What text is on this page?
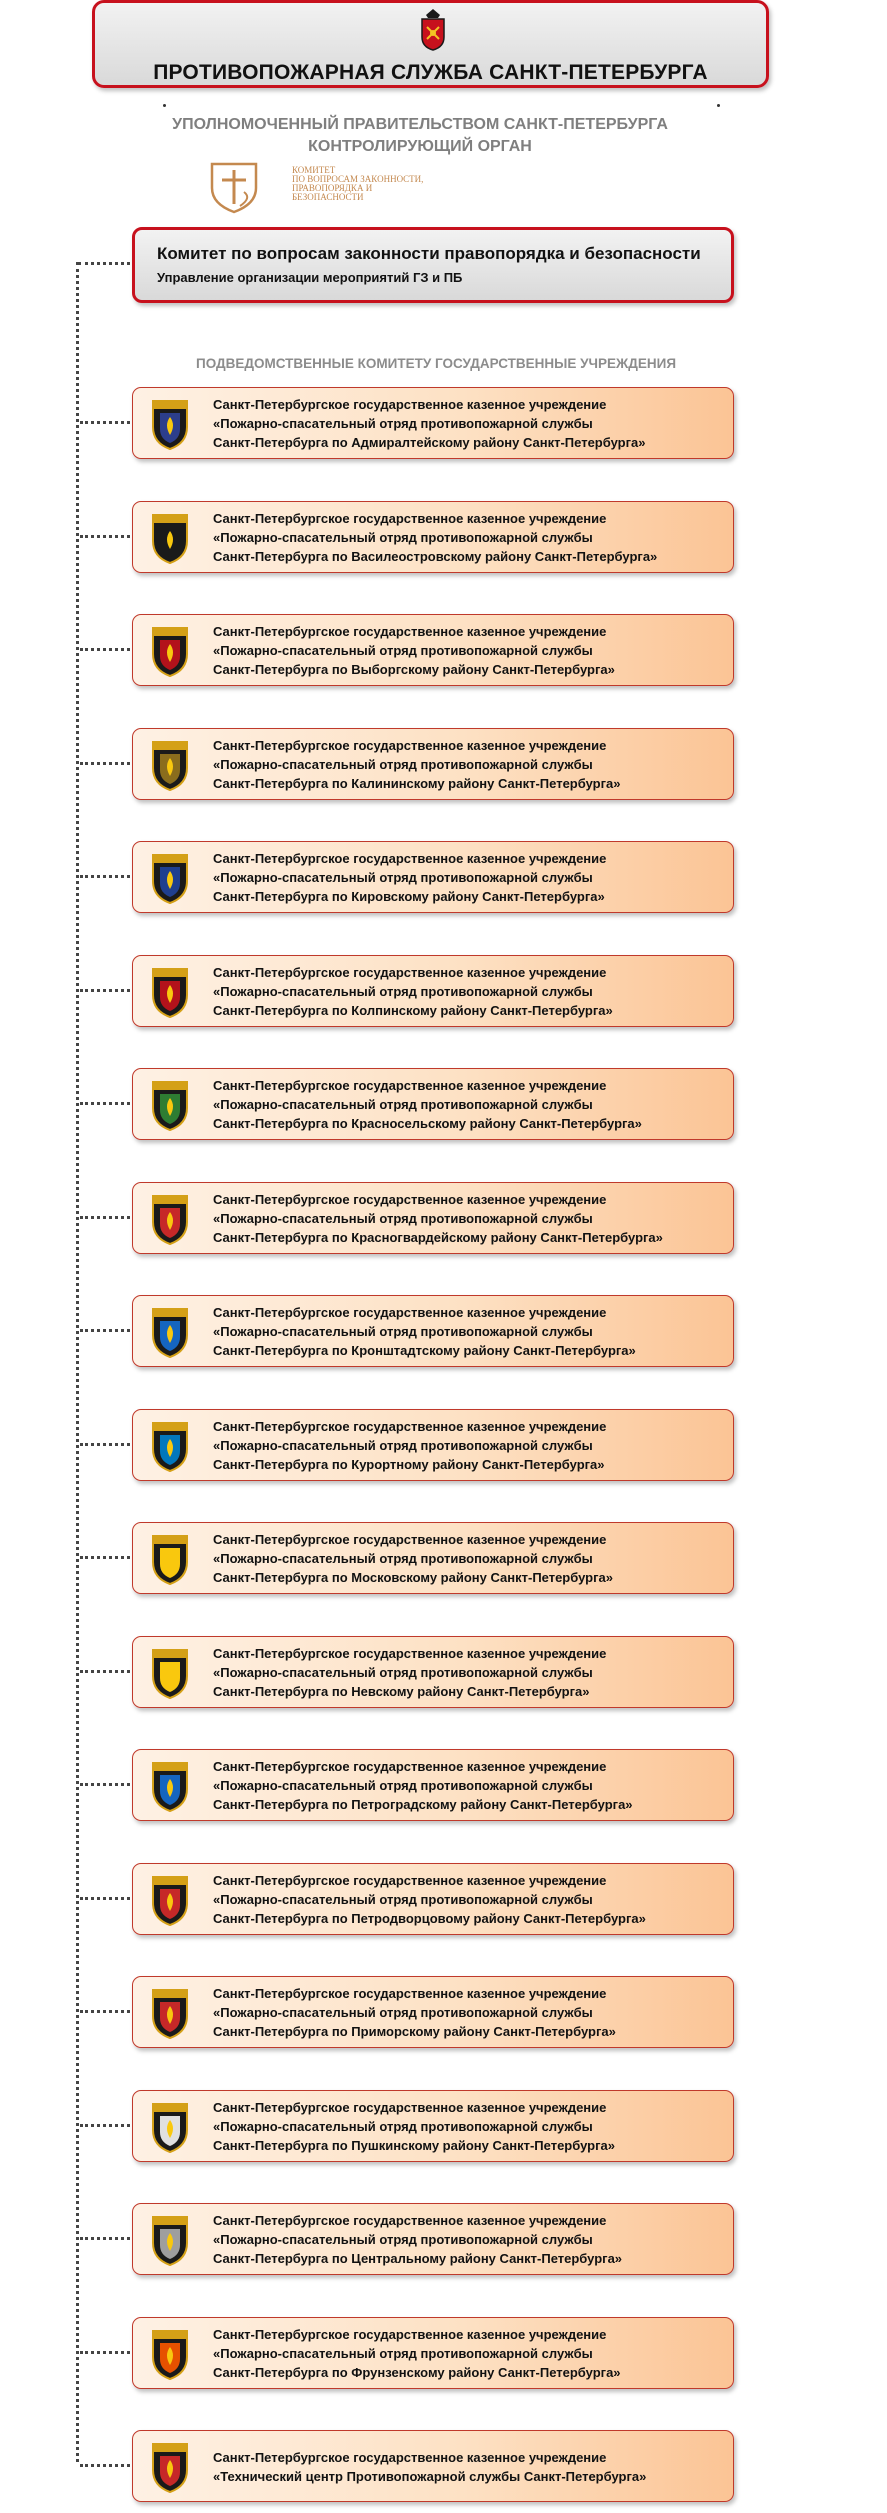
ПРОТИВОПОЖАРНАЯ СЛУЖБА САНКТ-ПЕТЕРБУРГА
УПОЛНОМОЧЕННЫЙ ПРАВИТЕЛЬСТВОМ САНКТ-ПЕТЕРБУРГА
КОНТРОЛИРУЮЩИЙ ОРГАН
КОМИТЕТ
ПО ВОПРОСАМ ЗАКОННОСТИ,
ПРАВОПОРЯДКА И БЕЗОПАСНОСТИ
Комитет по вопросам законности правопорядка и безопасности
Управление организации мероприятий ГЗ и ПБ
ПОДВЕДОМСТВЕННЫЕ КОМИТЕТУ ГОСУДАРСТВЕННЫЕ УЧРЕЖДЕНИЯ
Санкт-Петербургское государственное казенное учреждение
«Пожарно-спасательный отряд противопожарной службы
Санкт-Петербурга по Адмиралтейскому району Санкт-Петербурга»
Санкт-Петербургское государственное казенное учреждение
«Пожарно-спасательный отряд противопожарной службы
Санкт-Петербурга по Василеостровскому району Санкт-Петербурга»
Санкт-Петербургское государственное казенное учреждение
«Пожарно-спасательный отряд противопожарной службы
Санкт-Петербурга по Выборгскому району Санкт-Петербурга»
Санкт-Петербургское государственное казенное учреждение
«Пожарно-спасательный отряд противопожарной службы
Санкт-Петербурга по Калининскому району Санкт-Петербурга»
Санкт-Петербургское государственное казенное учреждение
«Пожарно-спасательный отряд противопожарной службы
Санкт-Петербурга по Кировскому району Санкт-Петербурга»
Санкт-Петербургское государственное казенное учреждение
«Пожарно-спасательный отряд противопожарной службы
Санкт-Петербурга по Колпинскому району Санкт-Петербурга»
Санкт-Петербургское государственное казенное учреждение
«Пожарно-спасательный отряд противопожарной службы
Санкт-Петербурга по Красносельскому району Санкт-Петербурга»
Санкт-Петербургское государственное казенное учреждение
«Пожарно-спасательный отряд противопожарной службы
Санкт-Петербурга по Красногвардейскому району Санкт-Петербурга»
Санкт-Петербургское государственное казенное учреждение
«Пожарно-спасательный отряд противопожарной службы
Санкт-Петербурга по Кронштадтскому району Санкт-Петербурга»
Санкт-Петербургское государственное казенное учреждение
«Пожарно-спасательный отряд противопожарной службы
Санкт-Петербурга по Курортному району Санкт-Петербурга»
Санкт-Петербургское государственное казенное учреждение
«Пожарно-спасательный отряд противопожарной службы
Санкт-Петербурга по Московскому району Санкт-Петербурга»
Санкт-Петербургское государственное казенное учреждение
«Пожарно-спасательный отряд противопожарной службы
Санкт-Петербурга по Невскому району Санкт-Петербурга»
Санкт-Петербургское государственное казенное учреждение
«Пожарно-спасательный отряд противопожарной службы
Санкт-Петербурга по Петроградскому району Санкт-Петербурга»
Санкт-Петербургское государственное казенное учреждение
«Пожарно-спасательный отряд противопожарной службы
Санкт-Петербурга по Петродворцовому району Санкт-Петербурга»
Санкт-Петербургское государственное казенное учреждение
«Пожарно-спасательный отряд противопожарной службы
Санкт-Петербурга по Приморскому району Санкт-Петербурга»
Санкт-Петербургское государственное казенное учреждение
«Пожарно-спасательный отряд противопожарной службы
Санкт-Петербурга по Пушкинскому району Санкт-Петербурга»
Санкт-Петербургское государственное казенное учреждение
«Пожарно-спасательный отряд противопожарной службы
Санкт-Петербурга по Центральному району Санкт-Петербурга»
Санкт-Петербургское государственное казенное учреждение
«Пожарно-спасательный отряд противопожарной службы
Санкт-Петербурга по Фрунзенскому району Санкт-Петербурга»
Санкт-Петербургское государственное казенное учреждение
«Технический центр Противопожарной службы Санкт-Петербурга»
